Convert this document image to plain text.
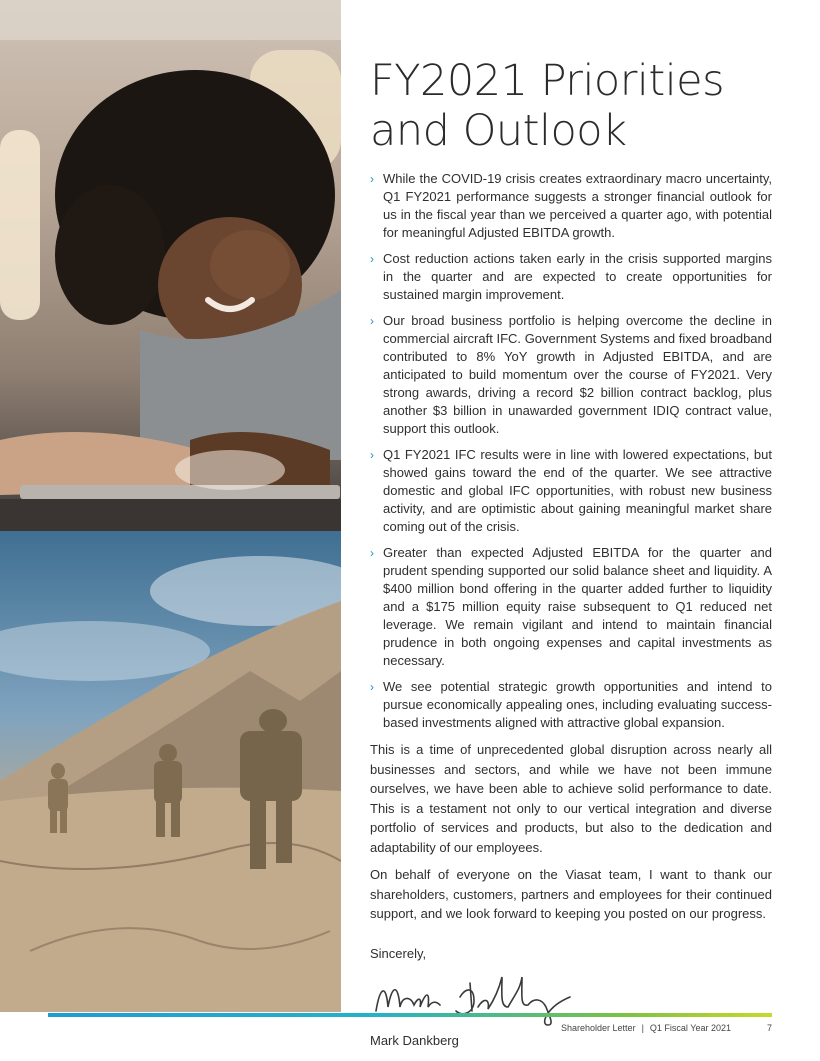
FY2021 Priorities
and Outlook
› While the COVID-19 crisis creates extraordinary macro uncertainty, Q1 FY2021 performance suggests a stronger financial outlook for us in the fiscal year than we perceived a quarter ago, with potential for meaningful Adjusted EBITDA growth.
› Cost reduction actions taken early in the crisis supported margins in the quarter and are expected to create opportunities for sustained margin improvement.
› Our broad business portfolio is helping overcome the decline in commercial aircraft IFC. Government Systems and fixed broadband contributed to 8% YoY growth in Adjusted EBITDA, and are anticipated to build momentum over the course of FY2021. Very strong awards, driving a record $2 billion contract backlog, plus another $3 billion in unawarded government IDIQ contract value, support this outlook.
› Q1 FY2021 IFC results were in line with lowered expectations, but showed gains toward the end of the quarter. We see attractive domestic and global IFC opportunities, with robust new business activity, and are optimistic about gaining meaningful market share coming out of the crisis.
› Greater than expected Adjusted EBITDA for the quarter and prudent spending supported our solid balance sheet and liquidity. A $400 million bond offering in the quarter added further to liquidity and a $175 million equity raise subsequent to Q1 reduced net leverage. We remain vigilant and intend to maintain financial prudence in both ongoing expenses and capital investments as necessary.
› We see potential strategic growth opportunities and intend to pursue economically appealing ones, including evaluating success-based investments aligned with attractive global expansion.

This is a time of unprecedented global disruption across nearly all businesses and sectors, and while we have not been immune ourselves, we have been able to achieve solid performance to date. This is a testament not only to our vertical integration and diverse portfolio of services and products, but also to the dedication and adaptability of our employees.

On behalf of everyone on the Viasat team, I want to thank our shareholders, customers, partners and employees for their continued support, and we look forward to keeping you posted on our progress.

Sincerely,

Mark Dankberg

Shareholder Letter | Q1 Fiscal Year 2021	7
